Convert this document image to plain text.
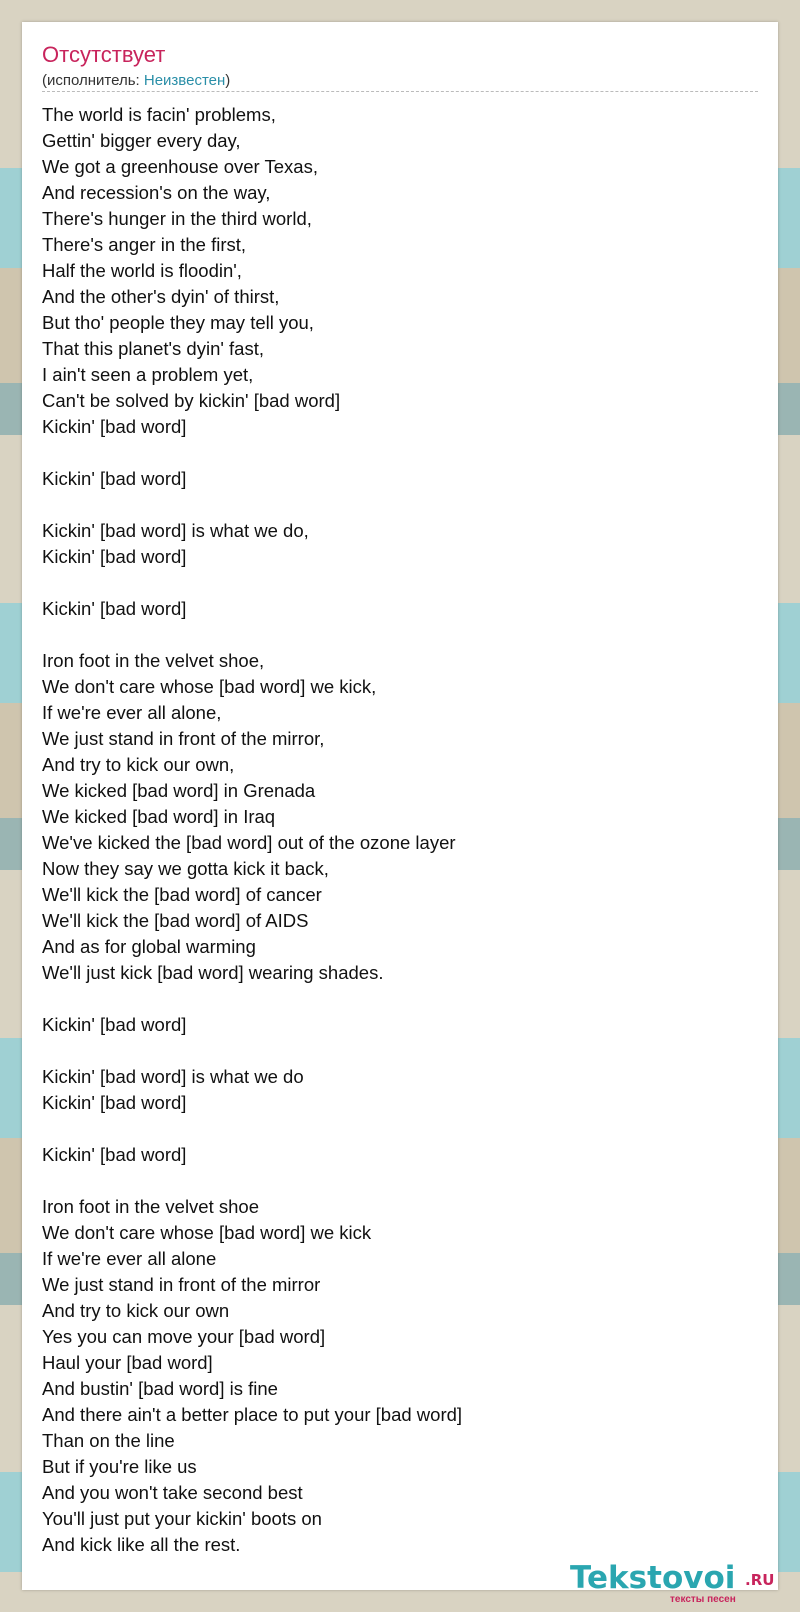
Отсутствует
(исполнитель: Неизвестен)
The world is facin' problems,
Gettin' bigger every day,
We got a greenhouse over Texas,
And recession's on the way,
There's hunger in the third world,
There's anger in the first,
Half the world is floodin',
And the other's dyin' of thirst,
But tho' people they may tell you,
That this planet's dyin' fast,
I ain't seen a problem yet,
Can't be solved by kickin' [bad word]
Kickin' [bad word]
Kickin' [bad word]
Kickin' [bad word] is what we do,
Kickin' [bad word]
Kickin' [bad word]
Iron foot in the velvet shoe,
We don't care whose [bad word] we kick,
If we're ever all alone,
We just stand in front of the mirror,
And try to kick our own,
We kicked [bad word] in Grenada
We kicked [bad word] in Iraq
We've kicked the [bad word] out of the ozone layer
Now they say we gotta kick it back,
We'll kick the [bad word] of cancer
We'll kick the [bad word] of AIDS
And as for global warming
We'll just kick [bad word] wearing shades.
Kickin' [bad word]
Kickin' [bad word] is what we do
Kickin' [bad word]
Kickin' [bad word]
Iron foot in the velvet shoe
We don't care whose [bad word] we kick
If we're ever all alone
We just stand in front of the mirror
And try to kick our own
Yes you can move your [bad word]
Haul your [bad word]
And bustin' [bad word] is fine
And there ain't a better place to put your [bad word]
Than on the line
But if you're like us
And you won't take second best
You'll just put your kickin' boots on
And kick like all the rest.
Tekstovoi .RU
тексты песен
